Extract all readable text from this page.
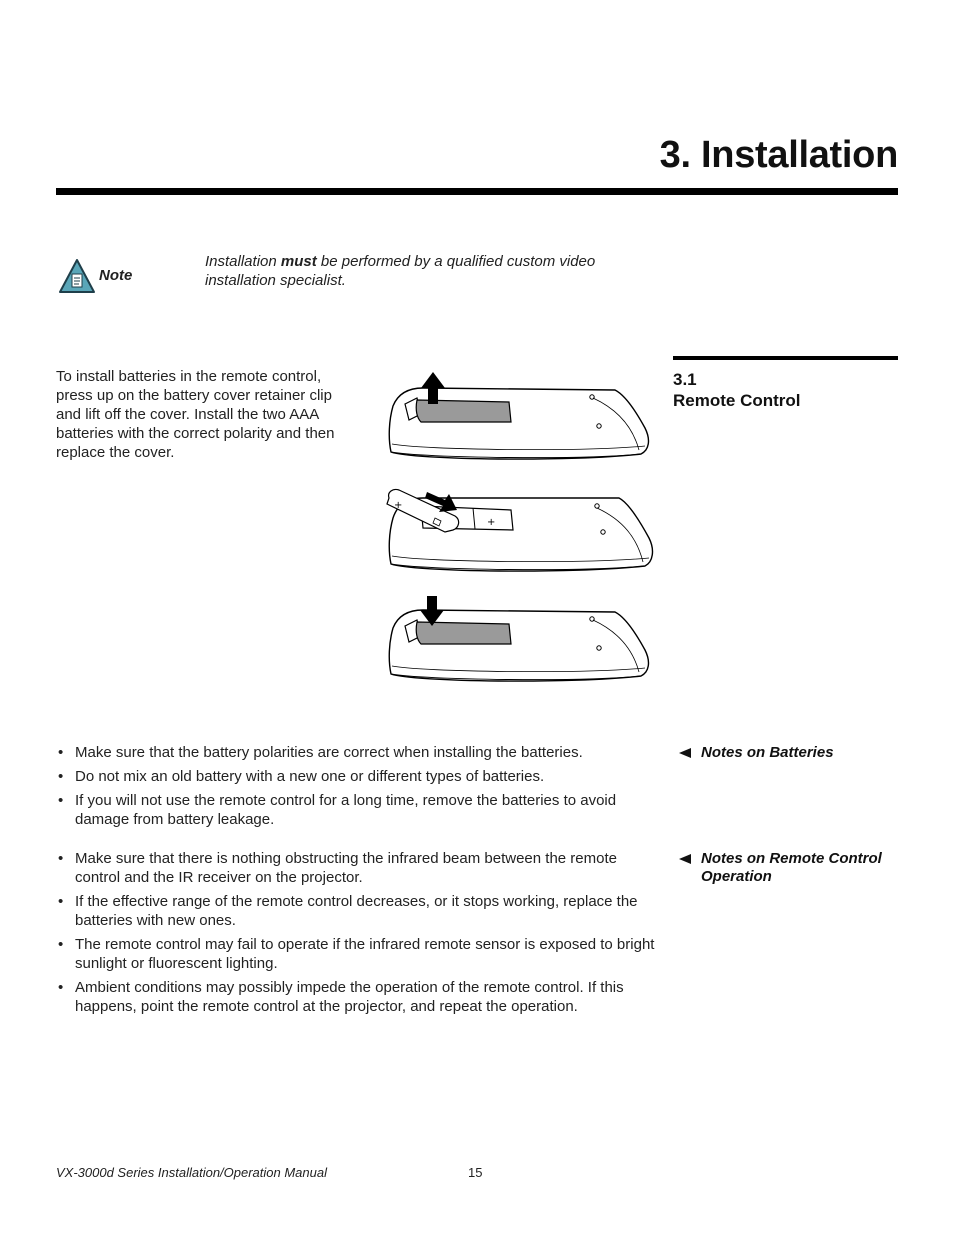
3. Installation
Note
Installation must be performed by a qualified custom video installation specialist.
3.1
Remote Control
To install batteries in the remote control, press up on the battery cover retainer clip and lift off the cover. Install the two AAA batteries with the correct polarity and then replace the cover.
+
+
• Make sure that the battery polarities are correct when installing the batteries.
• Do not mix an old battery with a new one or different types of batteries.
• If you will not use the remote control for a long time, remove the batteries to avoid damage from battery leakage.
Notes on Batteries
• Make sure that there is nothing obstructing the infrared beam between the remote control and the IR receiver on the projector.
• If the effective range of the remote control decreases, or it stops working, replace the batteries with new ones.
• The remote control may fail to operate if the infrared remote sensor is exposed to bright sunlight or fluorescent lighting.
• Ambient conditions may possibly impede the operation of the remote control. If this happens, point the remote control at the projector, and repeat the operation.
Notes on Remote Control Operation
VX-3000d Series Installation/Operation Manual	15
